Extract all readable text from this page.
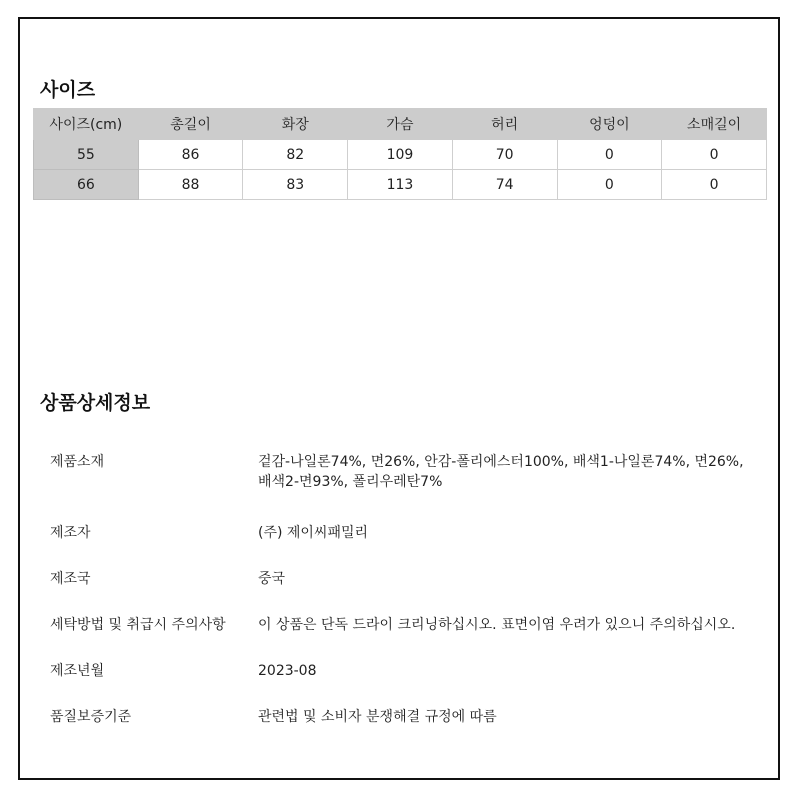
사이즈
사이즈(cm)	총길이	화장	가슴	허리	엉덩이	소매길이
55	86	82	109	70	0	0
66	88	83	113	74	0	0
상품상세정보
제품소재	겉감-나일론74%, 면26%, 안감-폴리에스터100%, 배색1-나일론74%, 면26%,
배색2-면93%, 폴리우레탄7%
제조자	(주) 제이씨패밀리
제조국	중국
세탁방법 및 취급시 주의사항	이 상품은 단독 드라이 크리닝하십시오. 표면이염 우려가 있으니 주의하십시오.
제조년월	2023-08
품질보증기준	관련법 및 소비자 분쟁해결 규정에 따름
